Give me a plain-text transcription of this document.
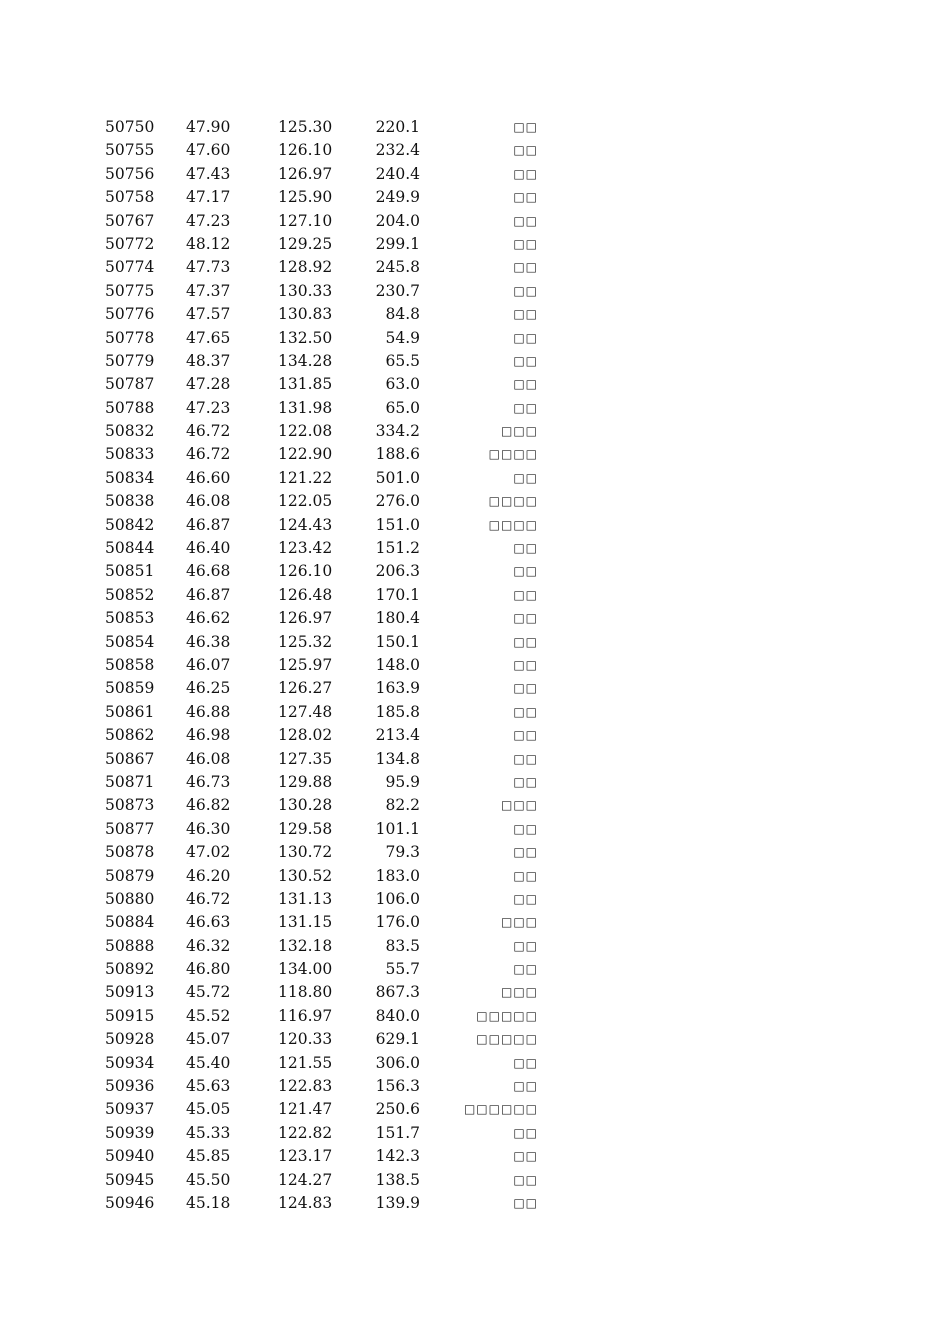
50750 47.90	125.30	220.1	□□
50755 47.60	126.10	232.4	□□
50756 47.43	126.97	240.4	□□
50758 47.17	125.90	249.9	□□
50767 47.23	127.10	204.0	□□
50772 48.12	129.25	299.1	□□
50774 47.73	128.92	245.8	□□
50775 47.37	130.33	230.7	□□
50776 47.57	130.83	84.8	□□
50778 47.65	132.50	54.9	□□
50779 48.37	134.28	65.5	□□
50787 47.28	131.85	63.0	□□
50788 47.23	131.98	65.0	□□
50832 46.72	122.08	334.2	□□□
50833 46.72	122.90	188.6	□□□□
50834 46.60	121.22	501.0	□□
50838 46.08	122.05	276.0	□□□□
50842 46.87	124.43	151.0	□□□□
50844 46.40	123.42	151.2	□□
50851 46.68	126.10	206.3	□□
50852 46.87	126.48	170.1	□□
50853 46.62	126.97	180.4	□□
50854 46.38	125.32	150.1	□□
50858 46.07	125.97	148.0	□□
50859 46.25	126.27	163.9	□□
50861 46.88	127.48	185.8	□□
50862 46.98	128.02	213.4	□□
50867 46.08	127.35	134.8	□□
50871 46.73	129.88	95.9	□□
50873 46.82	130.28	82.2	□□□
50877 46.30	129.58	101.1	□□
50878 47.02	130.72	79.3	□□
50879 46.20	130.52	183.0	□□
50880 46.72	131.13	106.0	□□
50884 46.63	131.15	176.0	□□□
50888 46.32	132.18	83.5	□□
50892 46.80	134.00	55.7	□□
50913 45.72	118.80	867.3	□□□
50915 45.52	116.97	840.0	□□□□□
50928 45.07	120.33	629.1	□□□□□
50934 45.40	121.55	306.0	□□
50936 45.63	122.83	156.3	□□
50937 45.05	121.47	250.6	□□□□□□
50939 45.33	122.82	151.7	□□
50940 45.85	123.17	142.3	□□
50945 45.50	124.27	138.5	□□
50946 45.18	124.83	139.9	□□
